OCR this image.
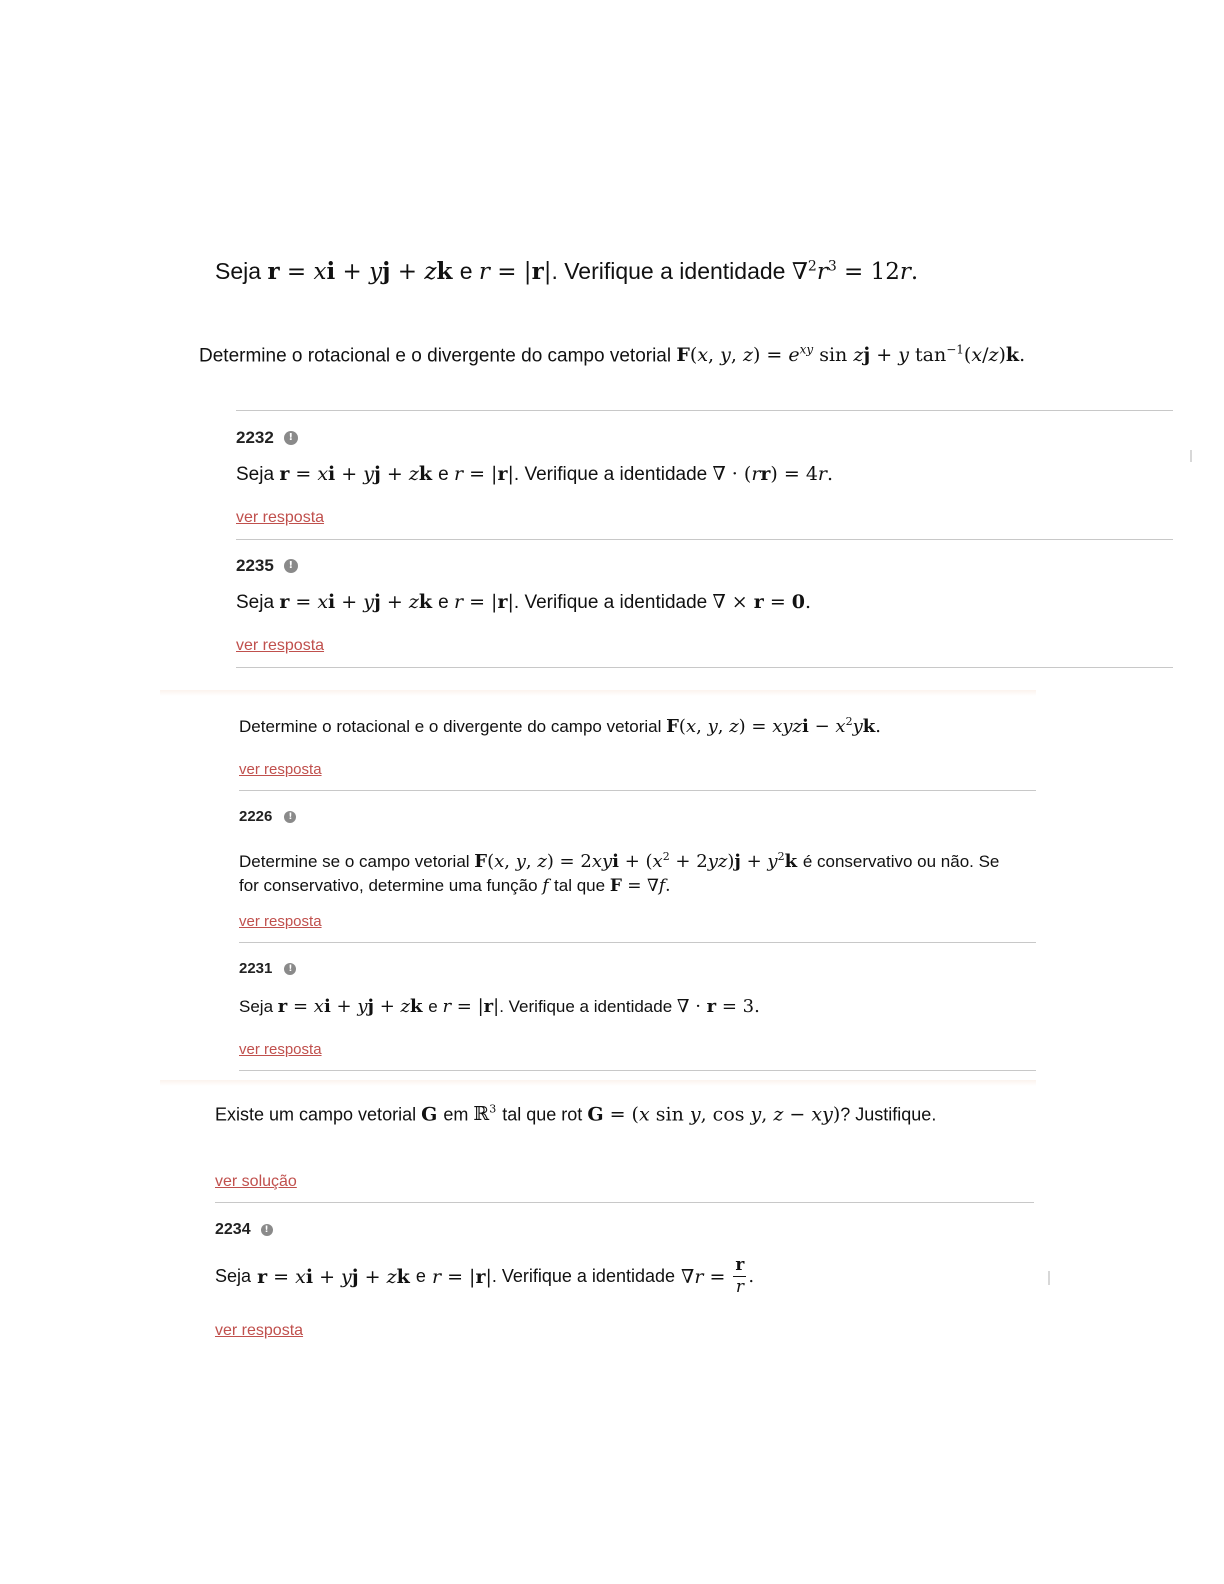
Seja r = xi + yj + zk e r = |r|. Verifique a identidade $\nabla^2r^3 = 12r$.
Determine o rotacional e o divergente do campo vetorial F(x, y, $z) = e^{xy}$ sin zj + y $\tan^{-1}(x/z)k$.
2232	!
Seja r = xi + yj + zk e r = |r|. Verifique a identidade ∇ · (rr) = 4r.
ver resposta
2235	!
Seja r = xi + yj + zk e r = |r|. Verifique a identidade ∇ × r = 0.
ver resposta
Determine o rotacional e o divergente do campo vetorial F(x, y, z) = xyzi − $x^2yk$.
ver resposta
2226	!
Determine se o campo vetorial F(x, y, $z) = 2xyi + (x^2 + 2yz)j + y^2k$ é conservativo ou não. Se
for conservativo, determine uma função f tal que F = ∇f.
ver resposta
2231	!
Seja r = xi + yj + zk e r = |r|. Verifique a identidade ∇ · r = 3.
ver resposta
Existe um campo vetorial G em ℝ$^3$ tal que rot G = (x sin y, cos y, z − xy)? Justifique.
ver solução
2234	!
Seja r = xi + yj + zk e r = |r| . Verifique a identidade $\nabla r = \frac{r}{r}$ .
ver resposta
